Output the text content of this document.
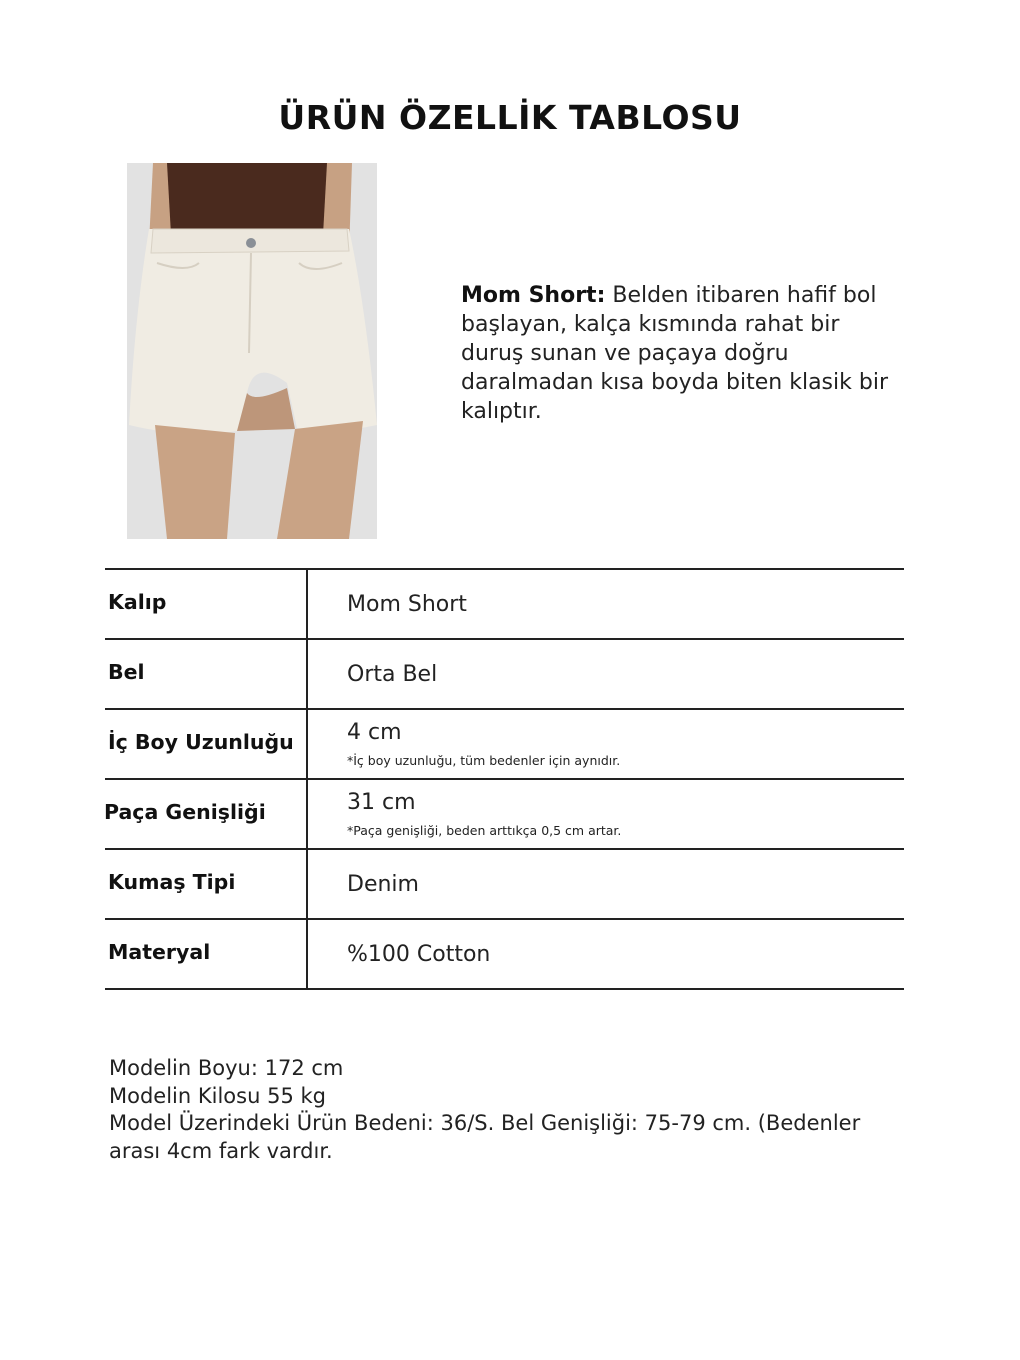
ÜRÜN ÖZELLİK TABLOSU
Mom Short: Belden itibaren hafif bol başlayan, kalça kısmında rahat bir duruş sunan ve paçaya doğru daralmadan kısa boyda biten klasik bir kalıptır.
Kalıp	Mom Short
Bel	Orta Bel
İç Boy Uzunluğu 4 cm
*İç boy uzunluğu, tüm bedenler için aynıdır.
Paça Genişliği	31 cm
*Paça genişliği, beden arttıkça 0,5 cm artar.
Kumaş Tipi	Denim
Materyal	%100 Cotton
Modelin Boyu: 172 cm
Modelin Kilosu 55 kg
Model Üzerindeki Ürün Bedeni: 36/S. Bel Genişliği: 75-79 cm. (Bedenler arası 4cm fark vardır.
